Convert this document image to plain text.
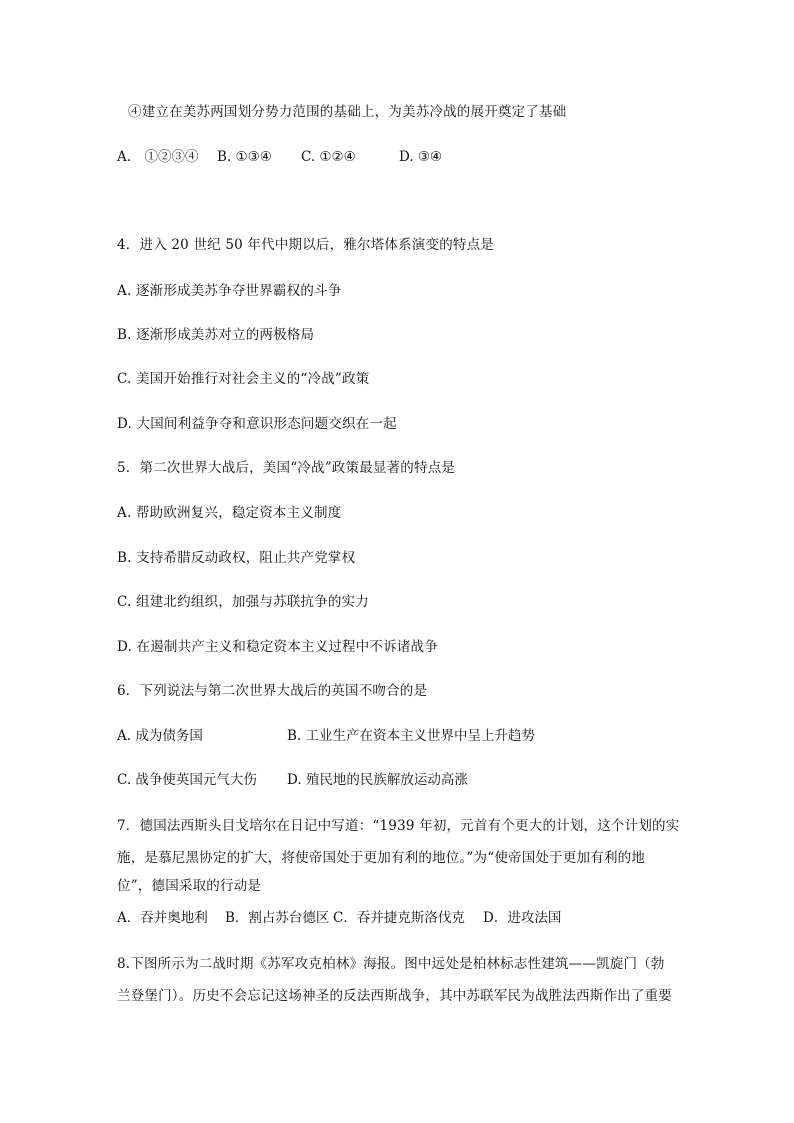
④建立在美苏两国划分势力范围的基础上，为美苏冷战的展开奠定了基础
A.　①②③④ B. ①③④ C. ①②④	D. ③④
4．进入 20 世纪 50 年代中期以后，雅尔塔体系演变的特点是
A. 逐渐形成美苏争夺世界霸权的斗争
B. 逐渐形成美苏对立的两极格局
C. 美国开始推行对社会主义的“冷战”政策
D. 大国间利益争夺和意识形态问题交织在一起
5．第二次世界大战后，美国“冷战”政策最显著的特点是
A. 帮助欧洲复兴，稳定资本主义制度
B. 支持希腊反动政权，阻止共产党掌权
C. 组建北约组织，加强与苏联抗争的实力
D. 在遏制共产主义和稳定资本主义过程中不诉诸战争
6．下列说法与第二次世界大战后的英国不吻合的是
A. 成为债务国	B. 工业生产在资本主义世界中呈上升趋势
C. 战争使英国元气大伤 D. 殖民地的民族解放运动高涨
7．德国法西斯头目戈培尔在日记中写道：“1939 年初，元首有个更大的计划，这个计划的实
施，是慕尼黑协定的扩大，将使帝国处于更加有利的地位。”为“使帝国处于更加有利的地
位”，德国采取的行动是
A．吞并奥地利 B．割占苏台德区 C．吞并捷克斯洛伐克 D．进攻法国
8.下图所示为二战时期《苏军攻克柏林》海报。图中远处是柏林标志性建筑——凯旋门（勃
兰登堡门）。历史不会忘记这场神圣的反法西斯战争，其中苏联军民为战胜法西斯作出了重要
